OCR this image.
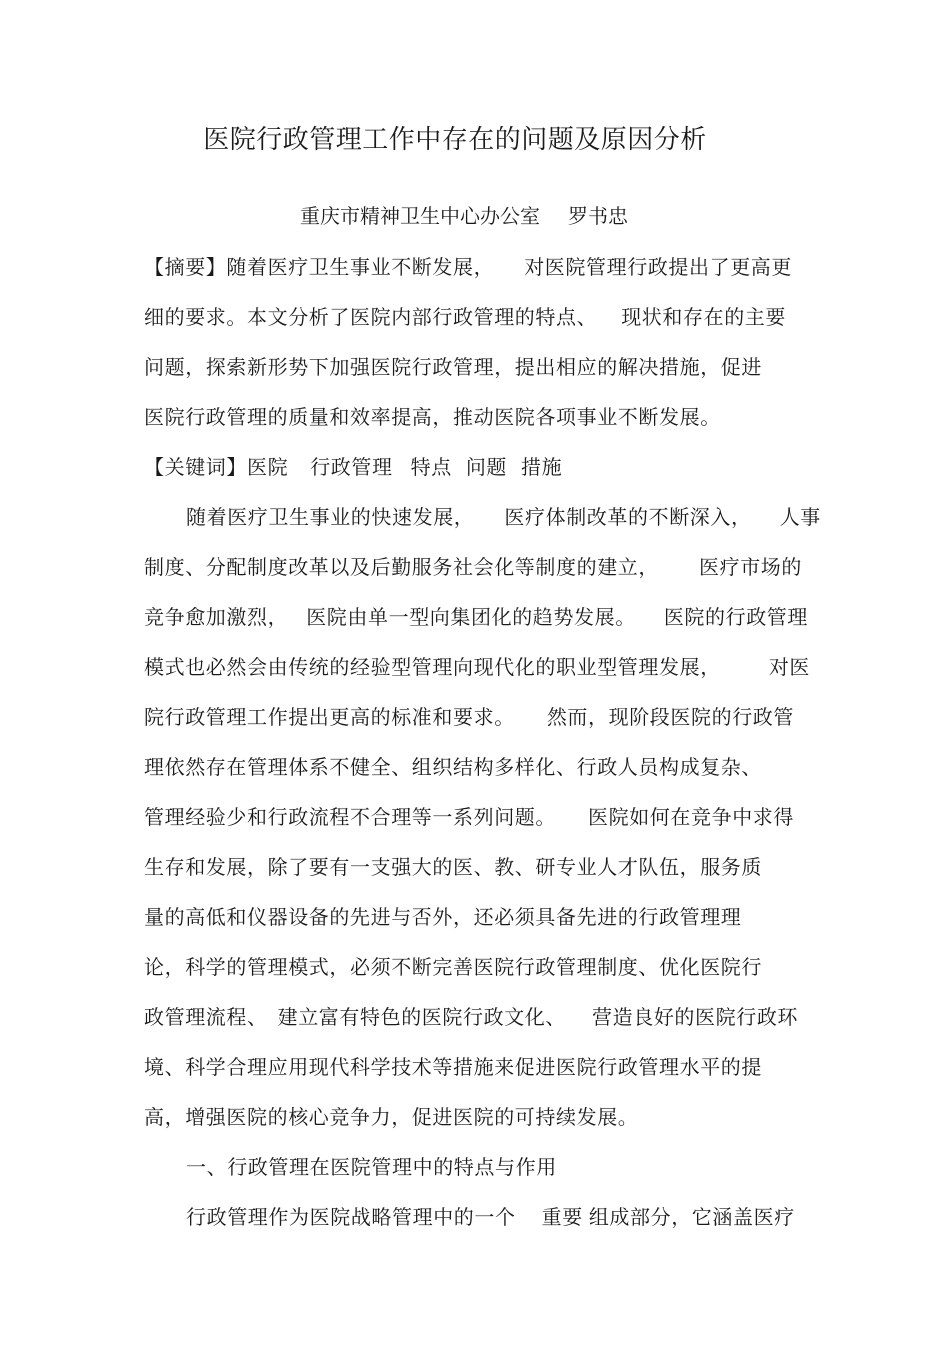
医院行政管理工作中存在的问题及原因分析
重庆市精神卫生中心办公室 罗书忠
【摘要】随着医疗卫生事业不断发展， 对医院管理行政提出了更高更
细的要求。本文分析了医院内部行政管理的特点、 现状和存在的主要
问题，探索新形势下加强医院行政管理，提出相应的解决措施，促进
医院行政管理的质量和效率提高，推动医院各项事业不断发展。
【关键词】医院 行政管理 特点 问题 措施
随着医疗卫生事业的快速发展， 医疗体制改革的不断深入， 人事
制度、分配制度改革以及后勤服务社会化等制度的建立， 医疗市场的
竞争愈加激烈， 医院由单一型向集团化的趋势发展。 医院的行政管理
模式也必然会由传统的经验型管理向现代化的职业型管理发展， 对医
院行政管理工作提出更高的标准和要求。 然而，现阶段医院的行政管
理依然存在管理体系不健全、组织结构多样化、行政人员构成复杂、
管理经验少和行政流程不合理等一系列问题。 医院如何在竞争中求得
生存和发展，除了要有一支强大的医、教、研专业人才队伍，服务质
量的高低和仪器设备的先进与否外，还必须具备先进的行政管理理
论，科学的管理模式，必须不断完善医院行政管理制度、优化医院行
政管理流程、 建立富有特色的医院行政文化、 营造良好的医院行政环
境、科学合理应用现代科学技术等措施来促进医院行政管理水平的提
高，增强医院的核心竞争力，促进医院的可持续发展。
一、行政管理在医院管理中的特点与作用
行政管理作为医院战略管理中的一个 重要 组成部分，它涵盖医疗
